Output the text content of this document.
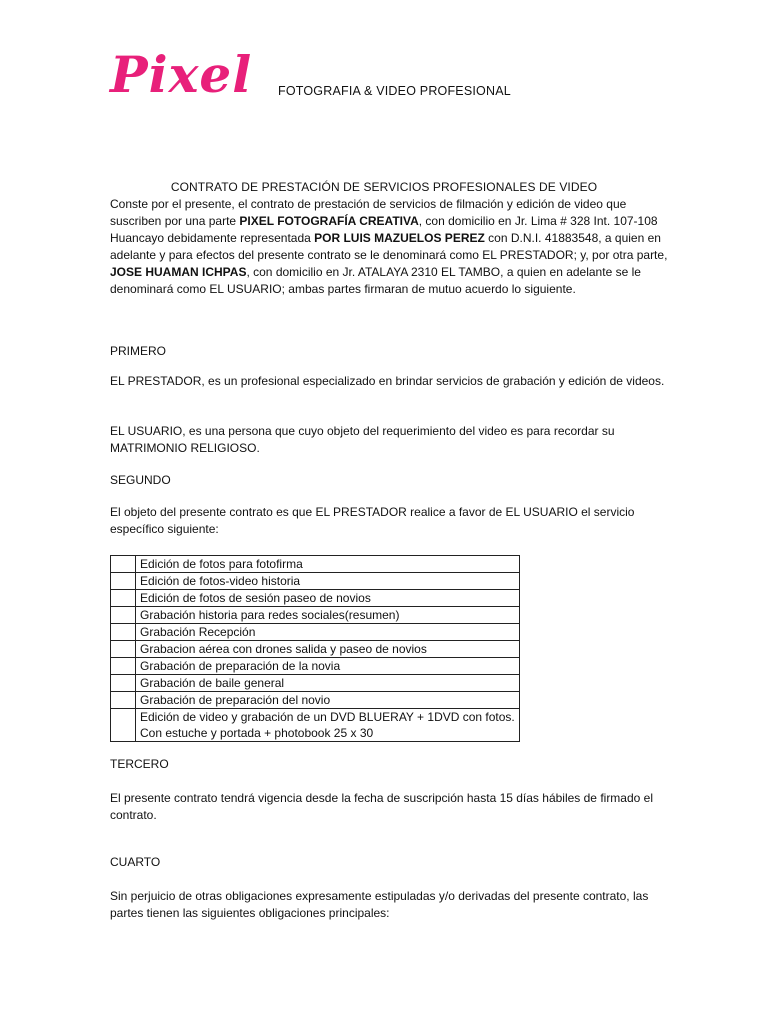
Pixel FOTOGRAFIA & VIDEO PROFESIONAL
CONTRATO DE PRESTACIÓN DE SERVICIOS PROFESIONALES DE VIDEO

Conste por el presente, el contrato de prestación de servicios de filmación y edición de video que suscriben por una parte PIXEL FOTOGRAFÍA CREATIVA, con domicilio en Jr. Lima # 328 Int. 107-108 Huancayo debidamente representada POR LUIS MAZUELOS PEREZ con D.N.I. 41883548, a quien en adelante y para efectos del presente contrato se le denominará como EL PRESTADOR; y, por otra parte, JOSE HUAMAN ICHPAS, con domicilio en Jr. ATALAYA 2310 EL TAMBO, a quien en adelante se le denominará como EL USUARIO; ambas partes firmaran de mutuo acuerdo lo siguiente.

PRIMERO

EL PRESTADOR, es un profesional especializado en brindar servicios de grabación y edición de videos.

EL USUARIO, es una persona que cuyo objeto del requerimiento del video es para recordar su MATRIMONIO RELIGIOSO.

SEGUNDO

El objeto del presente contrato es que EL PRESTADOR realice a favor de EL USUARIO el servicio específico siguiente:

	Edición de fotos para fotofirma
	Edición de fotos-video historia
	Edición de fotos de sesión paseo de novios
	Grabación historia para redes sociales(resumen)
	Grabación Recepción
	Grabacion aérea con drones salida y paseo de novios
	Grabación de preparación de la novia
	Grabación de baile general
	Grabación de preparación del novio
	Edición de video y grabación de un DVD BLUERAY + 1DVD con fotos. Con estuche y portada + photobook 25 x 30
TERCERO

El presente contrato tendrá vigencia desde la fecha de suscripción hasta 15 días hábiles de firmado el contrato.

CUARTO

Sin perjuicio de otras obligaciones expresamente estipuladas y/o derivadas del presente contrato, las partes tienen las siguientes obligaciones principales:
